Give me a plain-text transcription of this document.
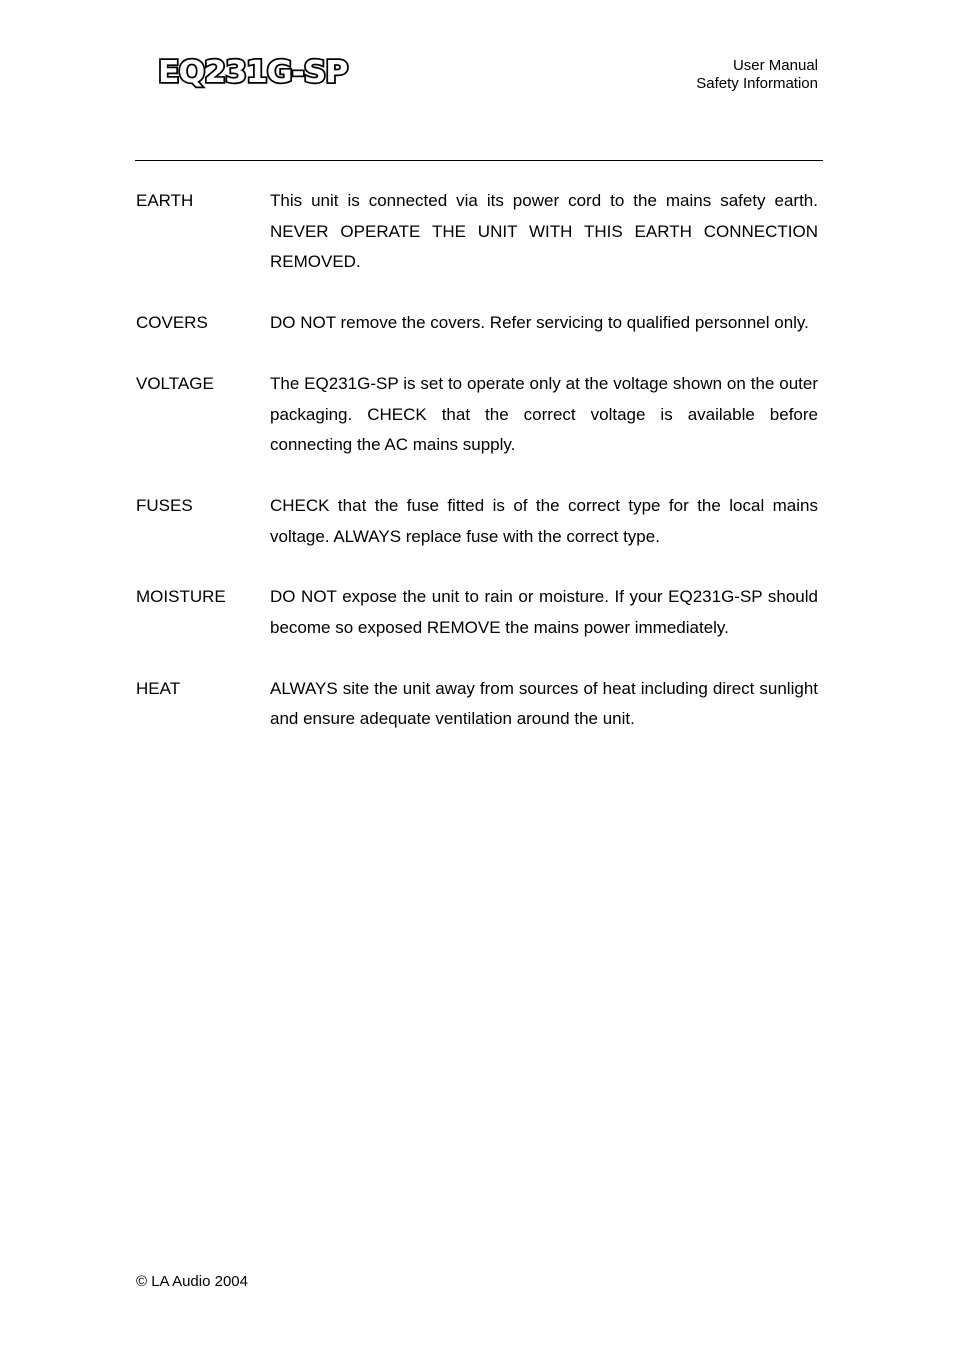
EQ231G-SP	User Manual
Safety Information
EARTH	This unit is connected via its power cord to the mains safety earth. NEVER OPERATE THE UNIT WITH THIS EARTH CONNECTION REMOVED.
COVERS	DO NOT remove the covers. Refer servicing to qualified personnel only.
VOLTAGE	The EQ231G-SP is set to operate only at the voltage shown on the outer packaging. CHECK that the correct voltage is available before connecting the AC mains supply.
FUSES	CHECK that the fuse fitted is of the correct type for the local mains voltage. ALWAYS replace fuse with the correct type.
MOISTURE	DO NOT expose the unit to rain or moisture. If your EQ231G-SP should become so exposed REMOVE the mains power immediately.
HEAT	ALWAYS site the unit away from sources of heat including direct sunlight and ensure adequate ventilation around the unit.
© LA Audio 2004
